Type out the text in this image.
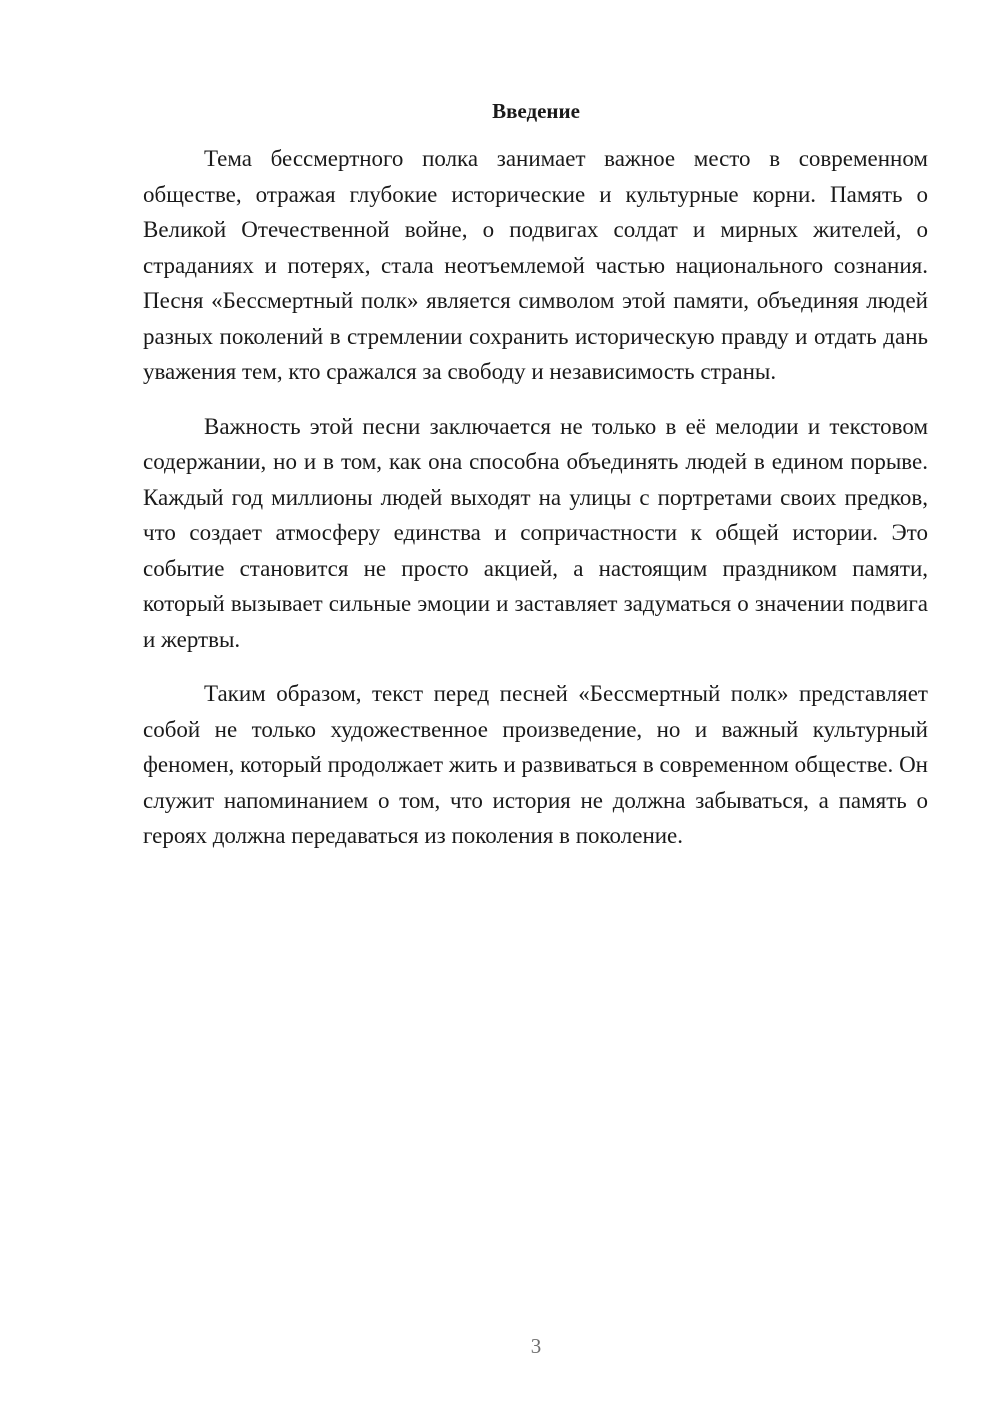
Введение

Тема бессмертного полка занимает важное место в современном обществе, отражая глубокие исторические и культурные корни. Память о Великой Отечественной войне, о подвигах солдат и мирных жителей, о страданиях и потерях, стала неотъемлемой частью национального сознания. Песня «Бессмертный полк» является символом этой памяти, объединяя людей разных поколений в стремлении сохранить историческую правду и отдать дань уважения тем, кто сражался за свободу и независимость страны.

Важность этой песни заключается не только в её мелодии и текстовом содержании, но и в том, как она способна объединять людей в едином порыве. Каждый год миллионы людей выходят на улицы с портретами своих предков, что создает атмосферу единства и сопричастности к общей истории. Это событие становится не просто акцией, а настоящим праздником памяти, который вызывает сильные эмоции и заставляет задуматься о значении подвига и жертвы.

Таким образом, текст перед песней «Бессмертный полк» представляет собой не только художественное произведение, но и важный культурный феномен, который продолжает жить и развиваться в современном обществе. Он служит напоминанием о том, что история не должна забываться, а память о героях должна передаваться из поколения в поколение.

3
